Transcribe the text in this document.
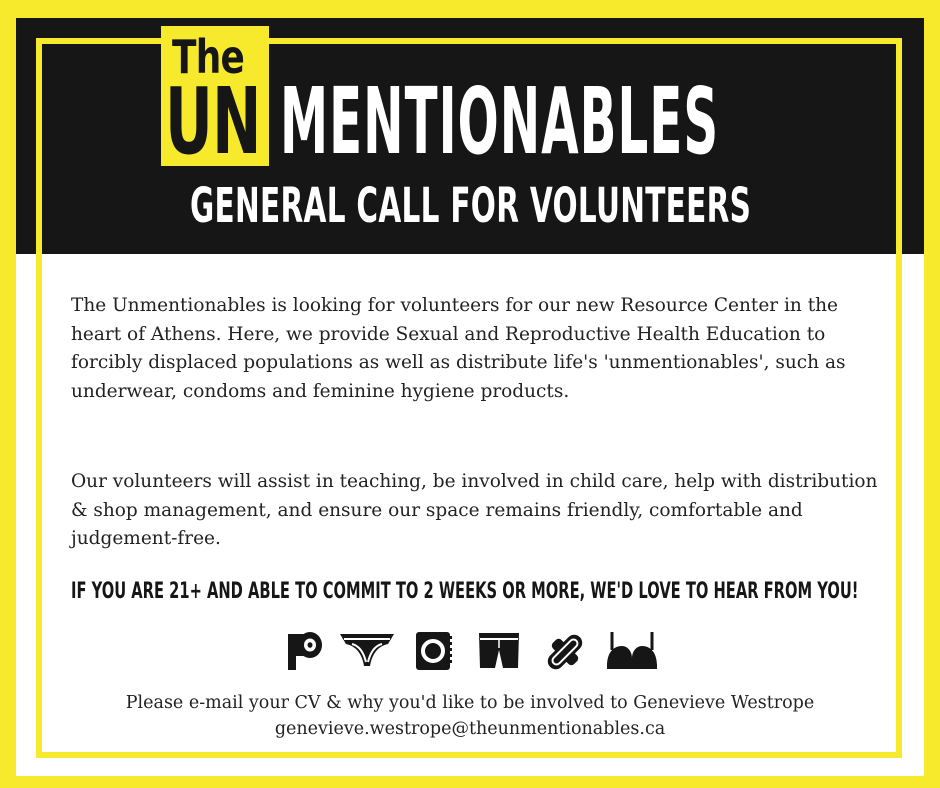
The
UN MENTIONABLES
GENERAL CALL FOR VOLUNTEERS

The Unmentionables is looking for volunteers for our new Resource Center in the heart of Athens. Here, we provide Sexual and Reproductive Health Education to forcibly displaced populations as well as distribute life's 'unmentionables', such as underwear, condoms and feminine hygiene products.

Our volunteers will assist in teaching, be involved in child care, help with distribution & shop management, and ensure our space remains friendly, comfortable and judgement-free.

IF YOU ARE 21+ AND ABLE TO COMMIT TO 2 WEEKS OR MORE, WE'D LOVE TO HEAR FROM YOU!

Please e-mail your CV & why you'd like to be involved to Genevieve Westrope

genevieve.westrope@theunmentionables.ca
